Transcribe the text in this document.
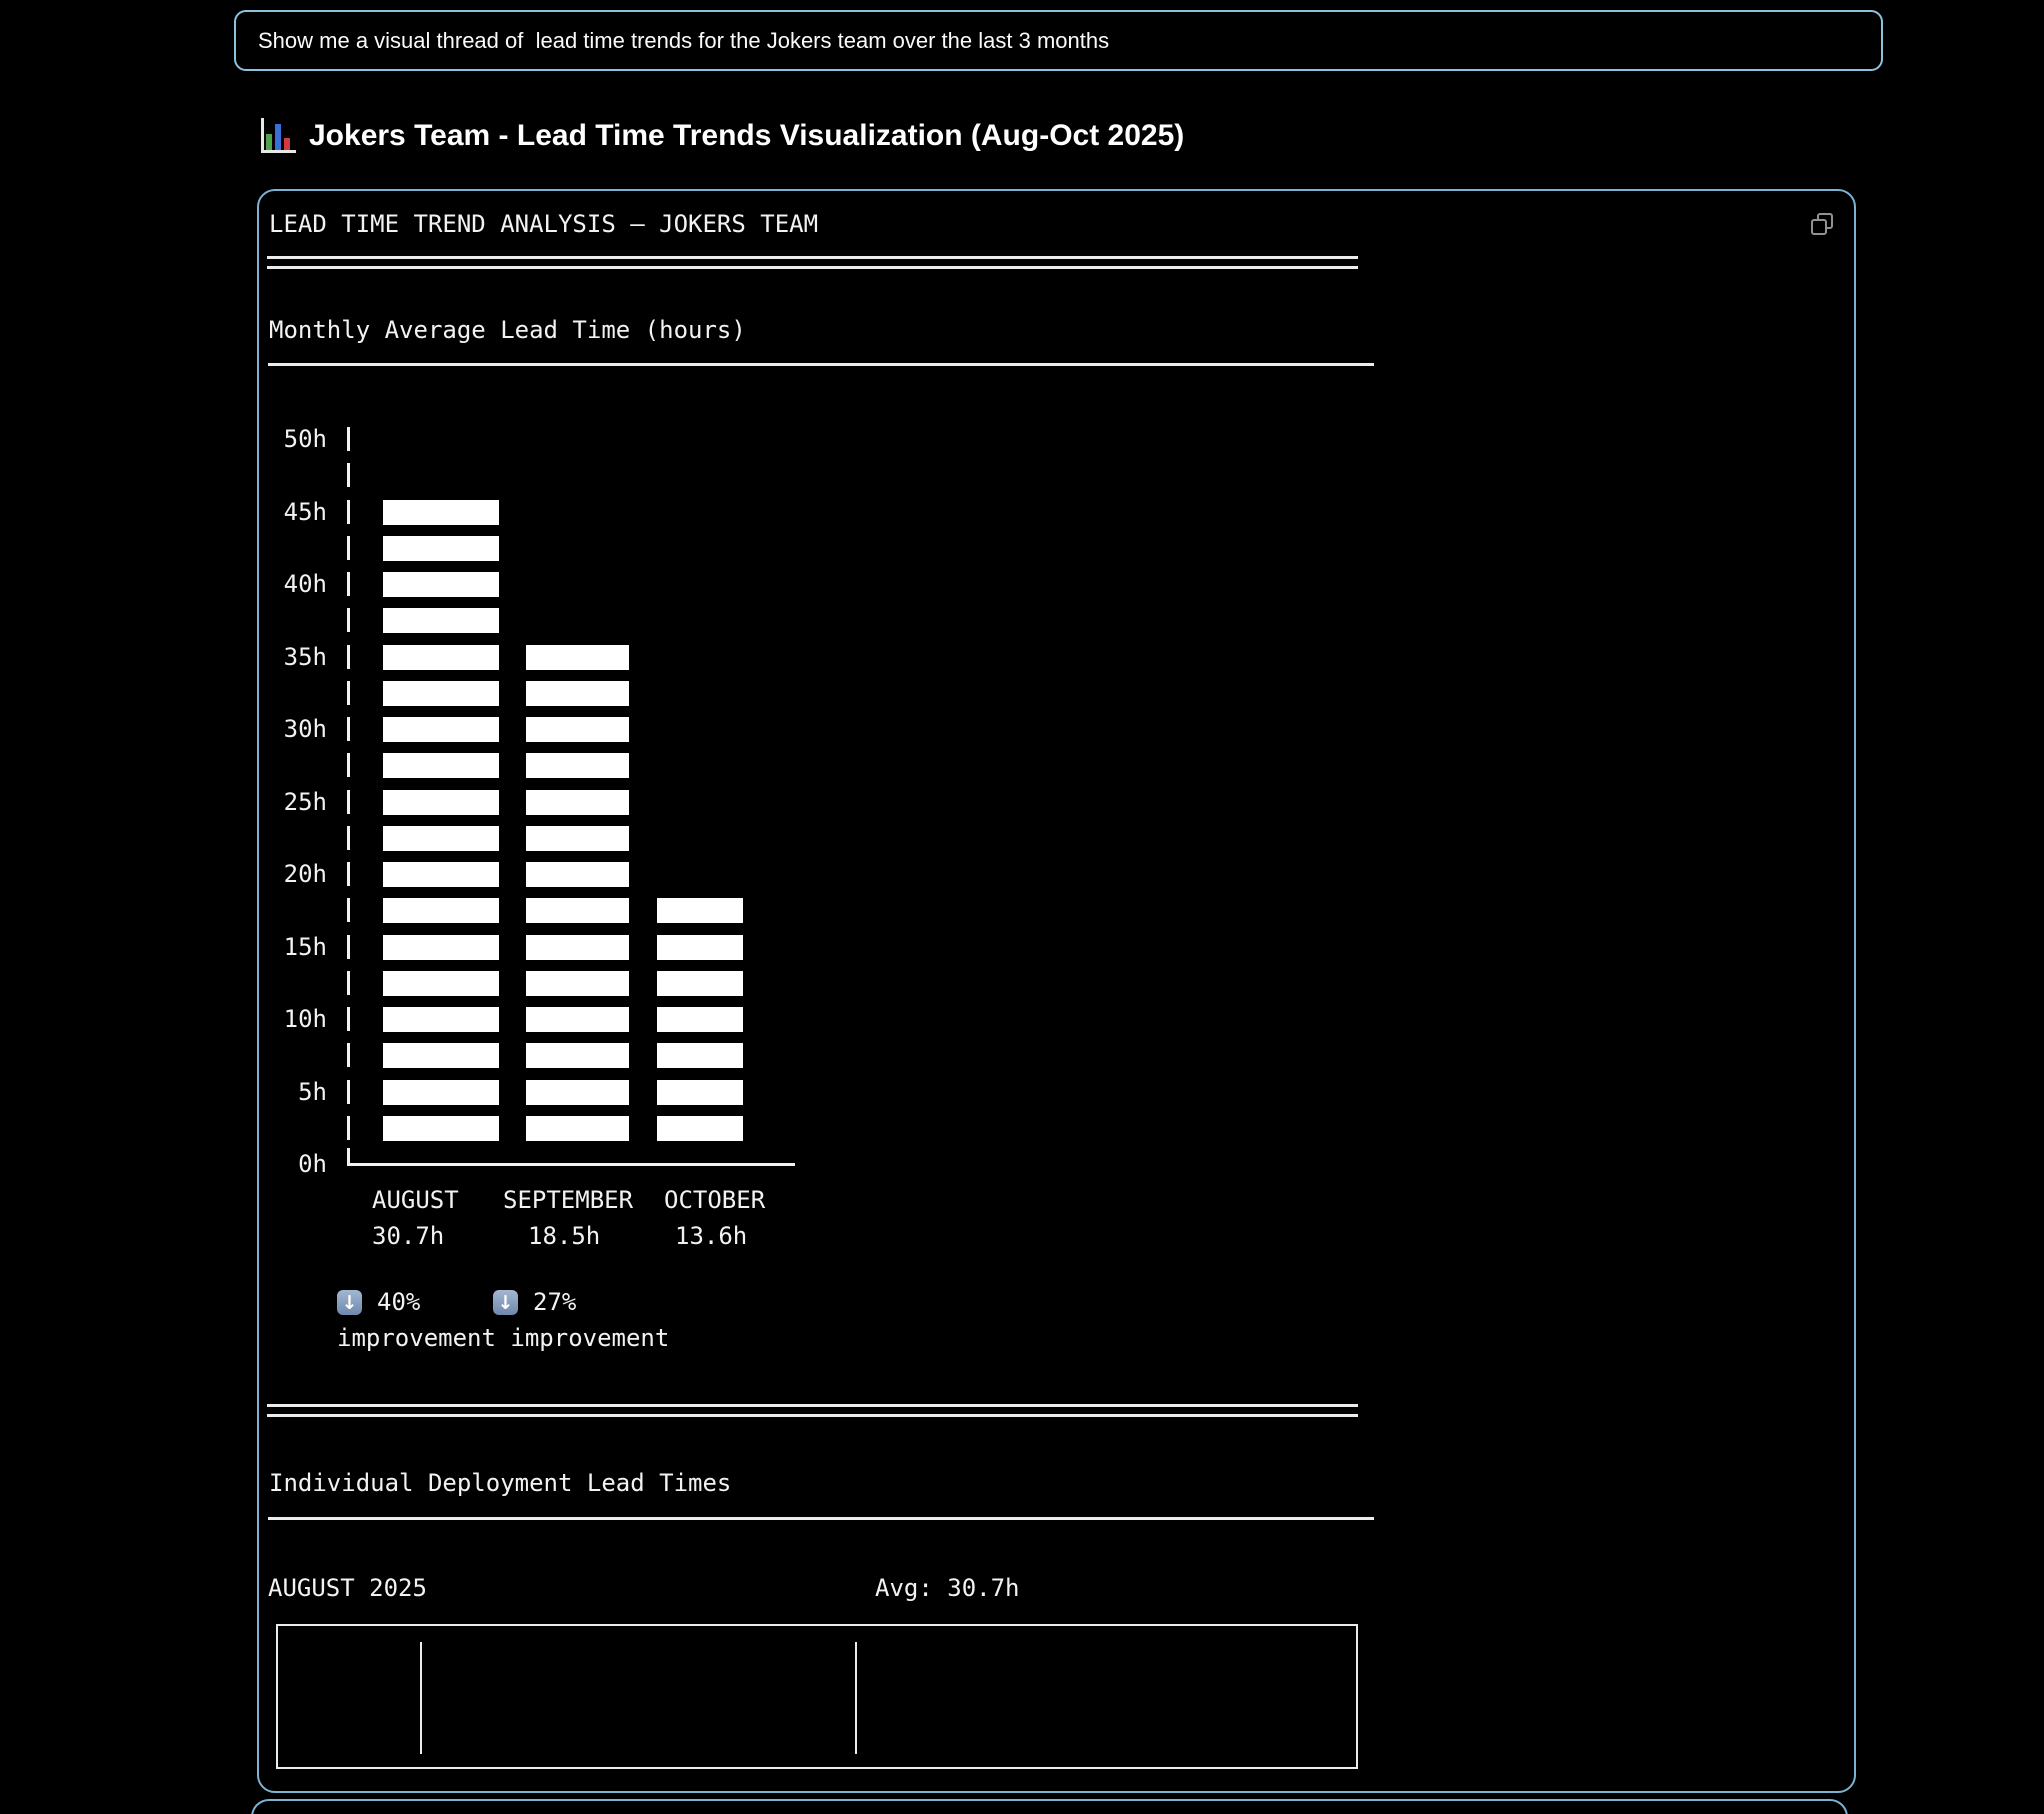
Show me a visual thread of  lead time trends for the Jokers team over the last 3 months
Jokers Team - Lead Time Trends Visualization (Aug-Oct 2025)
LEAD TIME TREND ANALYSIS — JOKERS TEAM
Monthly Average Lead Time (hours)
50h
45h
40h
35h
30h
25h
20h
15h
10h
5h
0h
AUGUST SEPTEMBER OCTOBER
30.7h	18.5h	13.6h
↓ 40%	↓ 27%
improvement improvement
Individual Deployment Lead Times
AUGUST 2025	Avg: 30.7h
